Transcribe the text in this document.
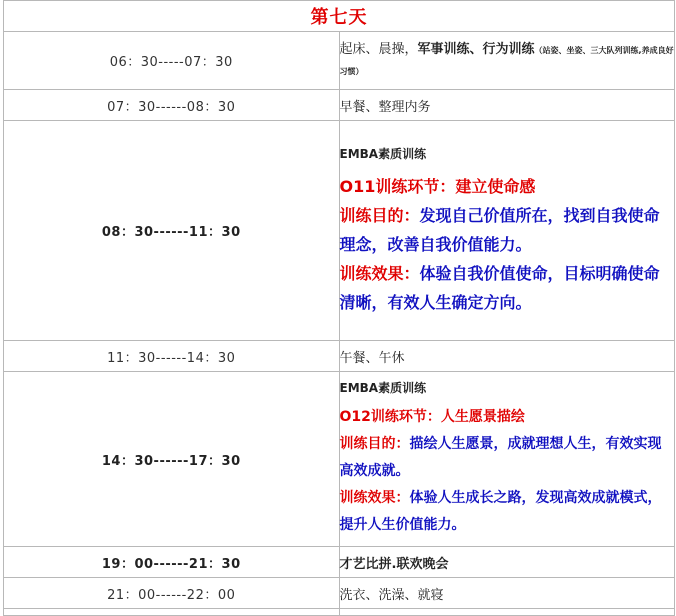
第七天	
06：30-----07：30	起床、晨操，军事训练、行为训练（站姿、坐姿、三大队列训练,养成良好习惯）

07：30------08：30	早餐、整理内务
08：30------11：30	EMBA素质训练
O11训练环节：建立使命感
训练目的：发现自己价值所在，找到自我使命理念，改善自我价值能力。
训练效果：体验自我价值使命，目标明确使命清晰，有效人生确定方向。

11：30------14：30	午餐、午休
14：30------17：30	EMBA素质训练
O12训练环节：人生愿景描绘
训练目的：描绘人生愿景，成就理想人生，有效实现高效成就。
训练效果：体验人生成长之路，发现高效成就模式，提升人生价值能力。

19：00------21：30	才艺比拼.联欢晚会
21：00------22：00	洗衣、洗澡、就寝
